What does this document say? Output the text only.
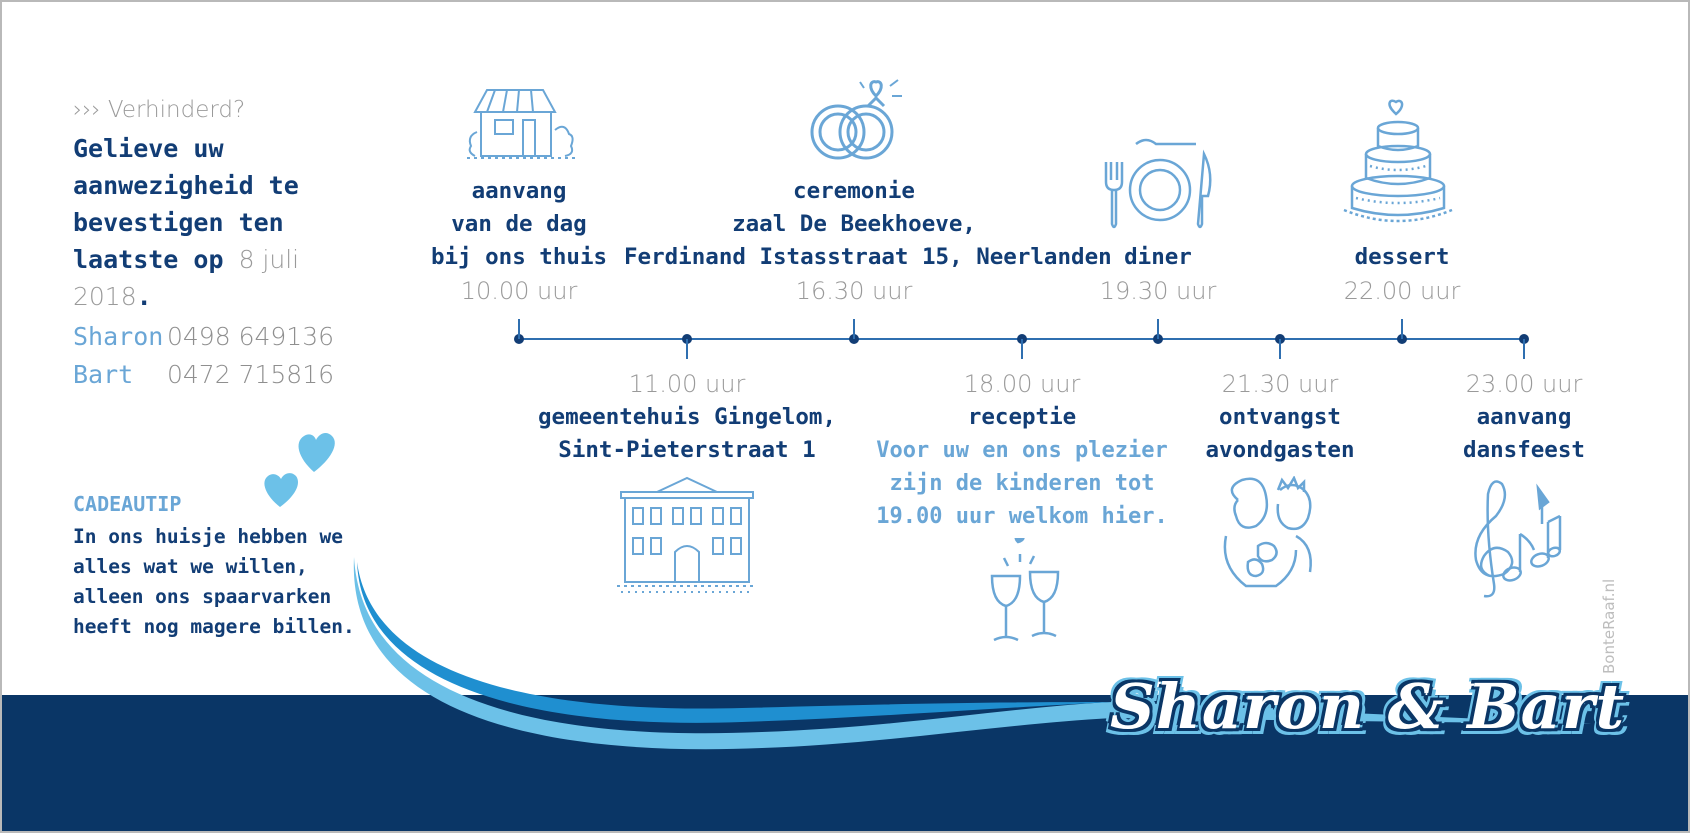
››› Verhinderd?
Gelieve uw aanwezigheid te bevestigen ten laatste op 8 juli 2018.
Sharon 0498 649136
Bart 0472 715816
CADEAUTIP
In ons huisje hebben we alles wat we willen, alleen ons spaarvarken heeft nog magere billen.
aanvang
van de dag
bij ons thuis
10.00 uur
ceremonie
zaal De Beekhoeve,
Ferdinand Istasstraat 15, Neerlanden
16.30 uur
diner
19.30 uur
dessert
22.00 uur
11.00 uur
gemeentehuis Gingelom,
Sint-Pieterstraat 1
18.00 uur
receptie
Voor uw en ons plezier
zijn de kinderen tot
19.00 uur welkom hier.
21.30 uur
ontvangst
avondgasten
23.00 uur
aanvang
dansfeest
BonteRaaf.nl
Sharon & Bart
